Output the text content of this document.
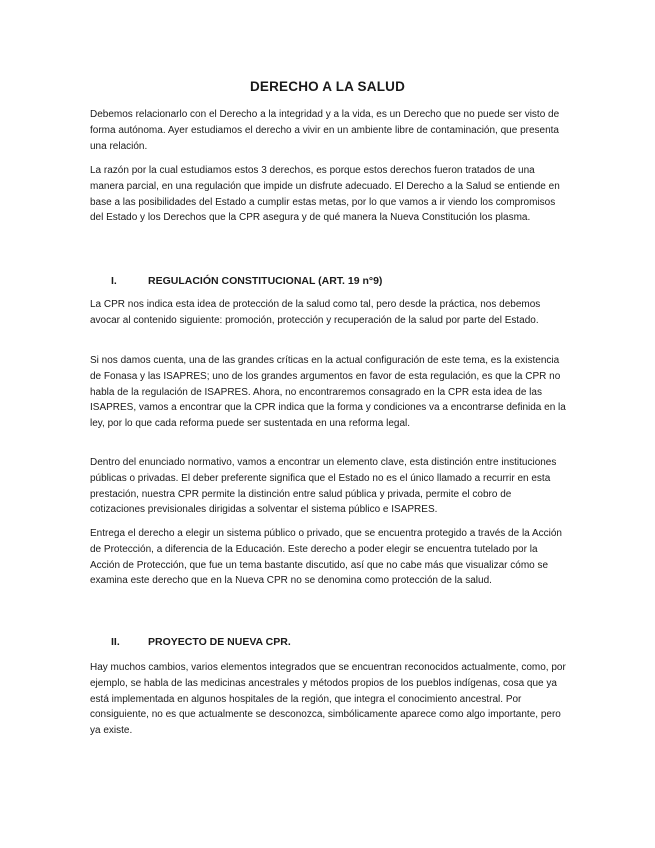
DERECHO A LA SALUD

Debemos relacionarlo con el Derecho a la integridad y a la vida, es un Derecho que no puede ser visto de forma autónoma. Ayer estudiamos el derecho a vivir en un ambiente libre de contaminación, que presenta una relación.

La razón por la cual estudiamos estos 3 derechos, es porque estos derechos fueron tratados de una manera parcial, en una regulación que impide un disfrute adecuado. El Derecho a la Salud se entiende en base a las posibilidades del Estado a cumplir estas metas, por lo que vamos a ir viendo los compromisos del Estado y los Derechos que la CPR asegura y de qué manera la Nueva Constitución los plasma.

I.	REGULACIÓN CONSTITUCIONAL (ART. 19 n°9)

La CPR nos indica esta idea de protección de la salud como tal, pero desde la práctica, nos debemos avocar al contenido siguiente: promoción, protección y recuperación de la salud por parte del Estado.

Si nos damos cuenta, una de las grandes críticas en la actual configuración de este tema, es la existencia de Fonasa y las ISAPRES; uno de los grandes argumentos en favor de esta regulación, es que la CPR no habla de la regulación de ISAPRES. Ahora, no encontraremos consagrado en la CPR esta idea de las ISAPRES, vamos a encontrar que la CPR indica que la forma y condiciones va a encontrarse definida en la ley, por lo que cada reforma puede ser sustentada en una reforma legal.

Dentro del enunciado normativo, vamos a encontrar un elemento clave, esta distinción entre instituciones públicas o privadas. El deber preferente significa que el Estado no es el único llamado a recurrir en esta prestación, nuestra CPR permite la distinción entre salud pública y privada, permite el cobro de cotizaciones previsionales dirigidas a solventar el sistema público e ISAPRES.

Entrega el derecho a elegir un sistema público o privado, que se encuentra protegido a través de la Acción de Protección, a diferencia de la Educación. Este derecho a poder elegir se encuentra tutelado por la Acción de Protección, que fue un tema bastante discutido, así que no cabe más que visualizar cómo se examina este derecho que en la Nueva CPR no se denomina como protección de la salud.

II.	PROYECTO DE NUEVA CPR.

Hay muchos cambios, varios elementos integrados que se encuentran reconocidos actualmente, como, por ejemplo, se habla de las medicinas ancestrales y métodos propios de los pueblos indígenas, cosa que ya está implementada en algunos hospitales de la región, que integra el conocimiento ancestral. Por consiguiente, no es que actualmente se desconozca, simbólicamente aparece como algo importante, pero ya existe.
